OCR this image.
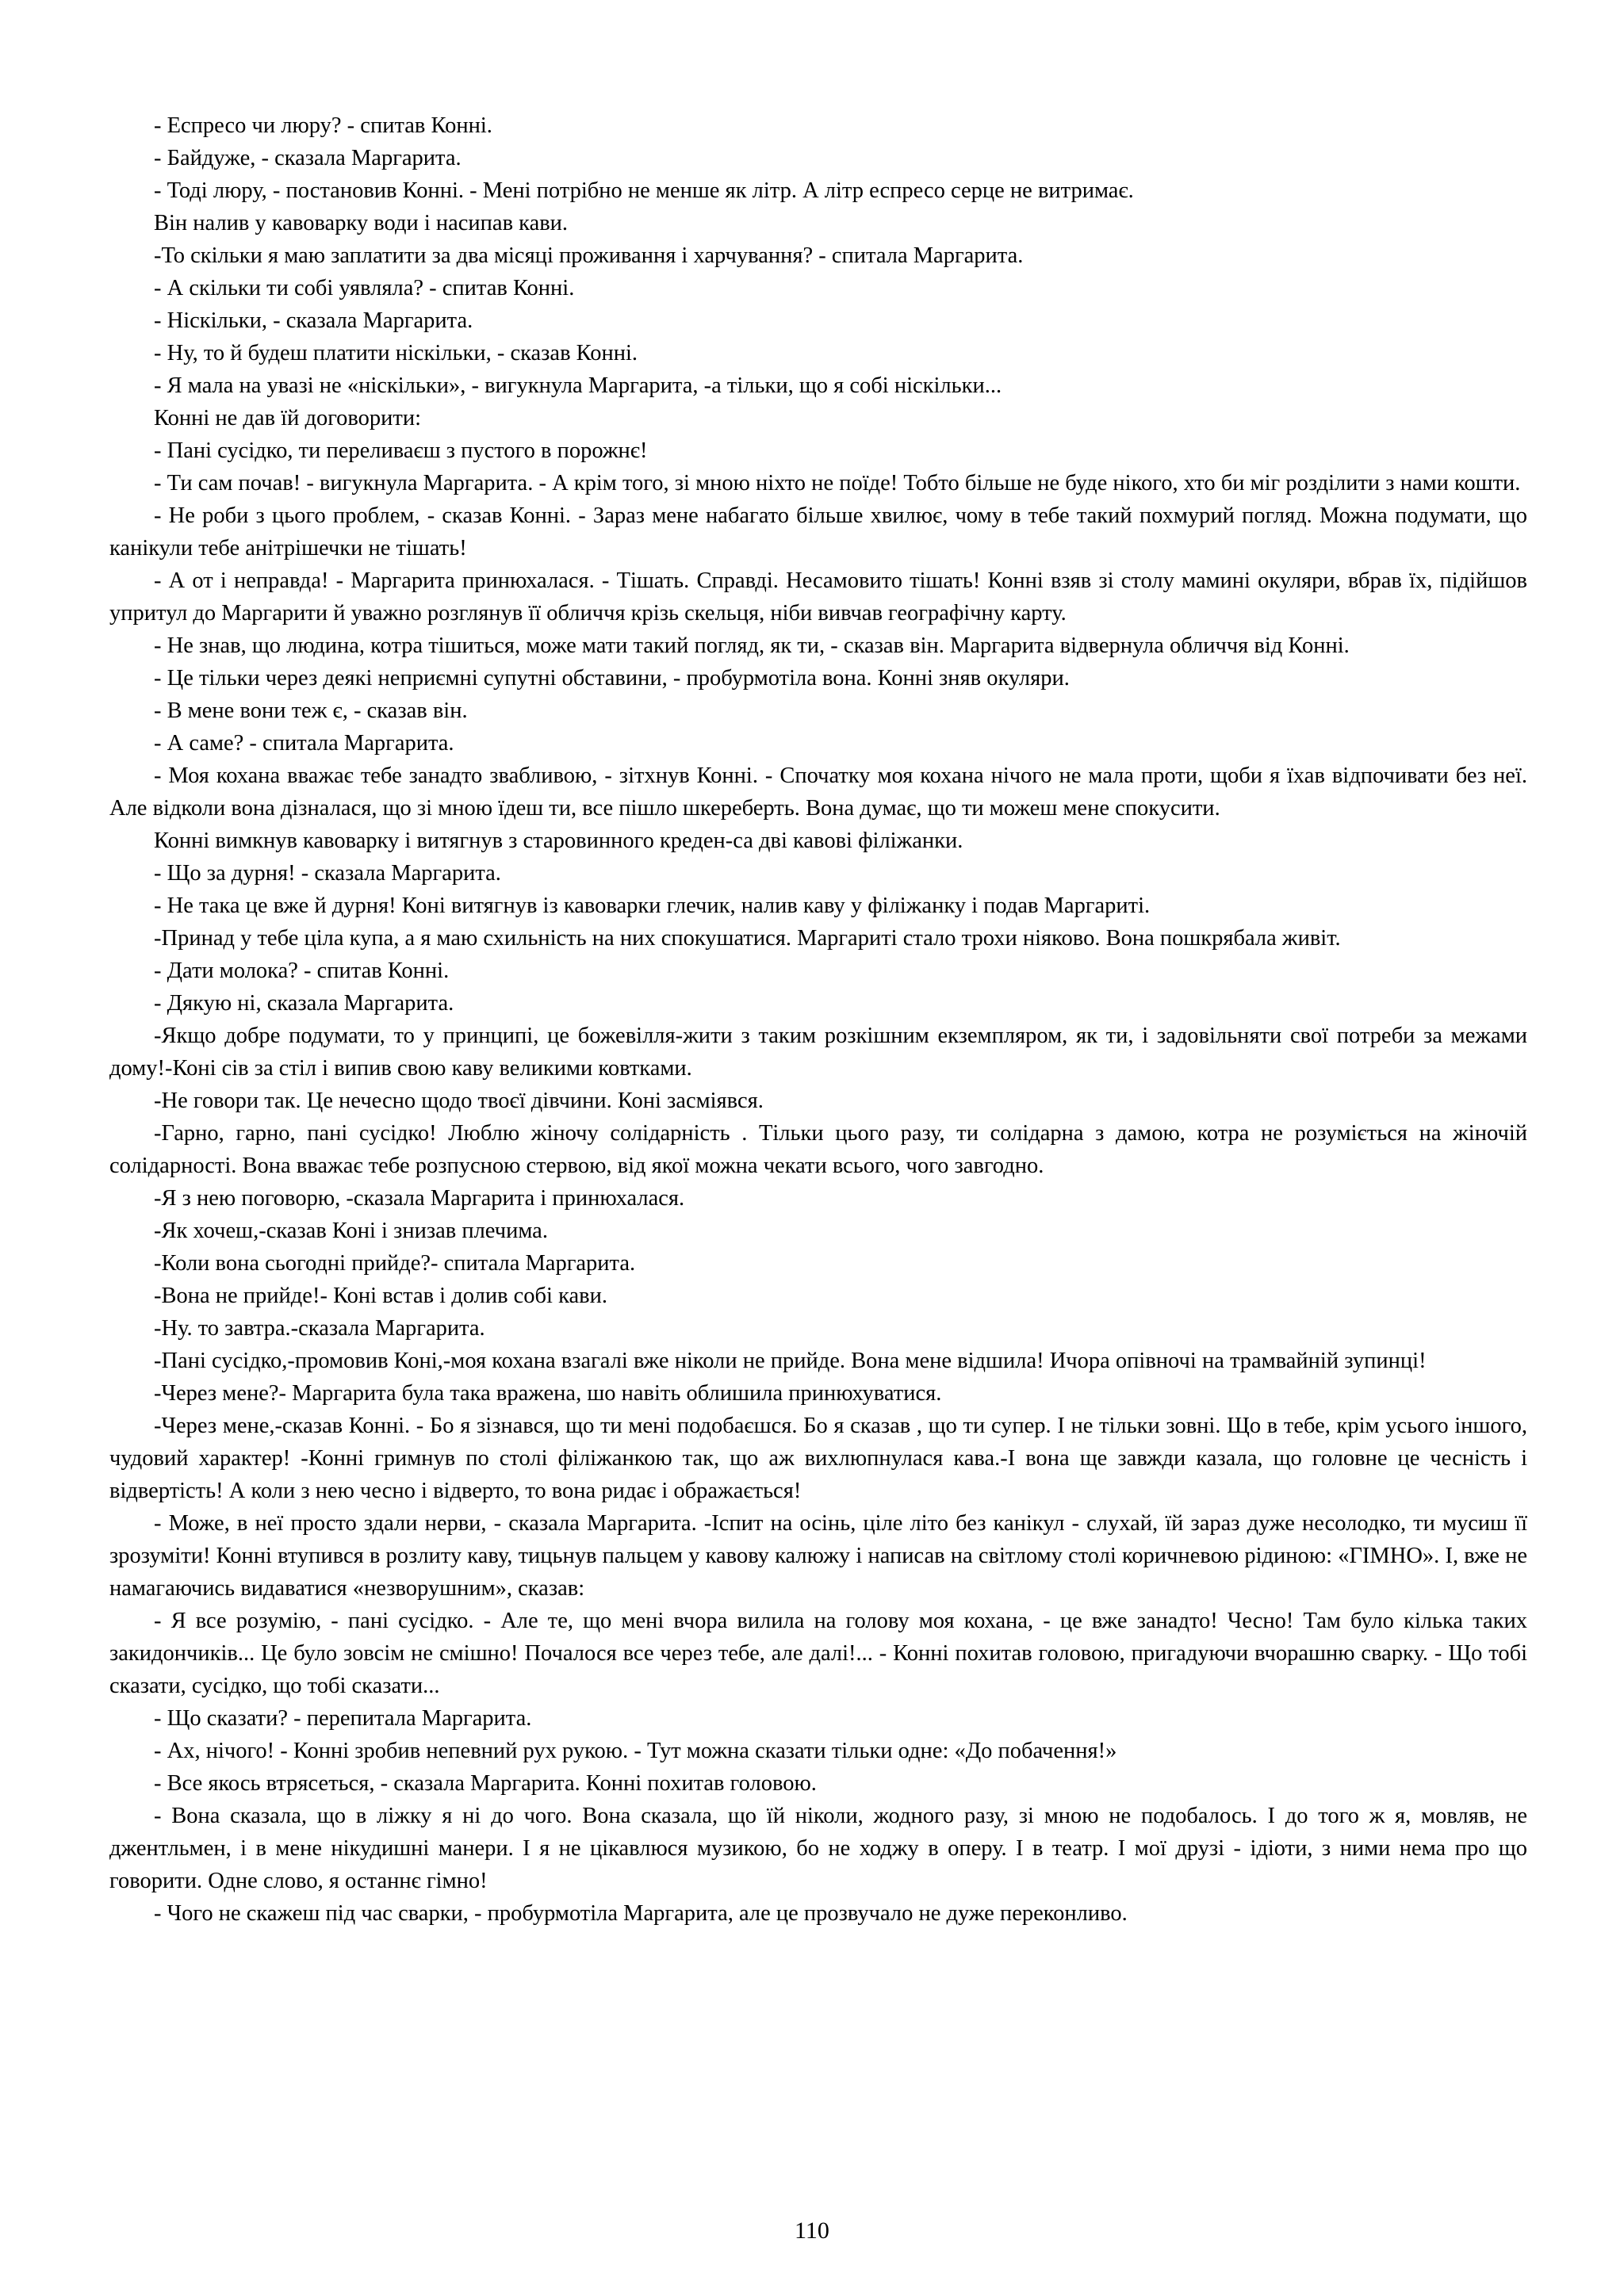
- Еспресо чи люру? - спитав Конні.

- Байдуже, - сказала Маргарита.

- Тоді люру, - постановив Конні. - Мені потрібно не менше як літр. А літр еспресо серце не витримає.

Він налив у кавоварку води і насипав кави.

-То скільки я маю заплатити за два місяці проживання і харчування? - спитала Маргарита.

- А скільки ти собі уявляла? - спитав Конні.

- Ніскільки, - сказала Маргарита.

- Ну, то й будеш платити ніскільки, - сказав Конні.

- Я мала на увазі не «ніскільки», - вигукнула Маргарита, -а тільки, що я собі ніскільки...

Конні не дав їй договорити:

- Пані сусідко, ти переливаєш з пустого в порожнє!

- Ти сам почав! - вигукнула Маргарита. - А крім того, зі мною ніхто не поїде! Тобто більше не буде нікого, хто би міг розділити з нами кошти.

- Не роби з цього проблем, - сказав Конні. - Зараз мене набагато більше хвилює, чому в тебе такий похмурий погляд. Можна подумати, що канікули тебе анітрішечки не тішать!

- А от і неправда! - Маргарита принюхалася. - Тішать. Справді. Несамовито тішать! Конні взяв зі столу мамині окуляри, вбрав їх, підійшов упритул до Маргарити й уважно розглянув її обличчя крізь скельця, ніби вивчав географічну карту.

- Не знав, що людина, котра тішиться, може мати такий погляд, як ти, - сказав він. Маргарита відвернула обличчя від Конні.

- Це тільки через деякі неприємні супутні обставини, - пробурмотіла вона. Конні зняв окуляри.

- В мене вони теж є, - сказав він.

- А саме? - спитала Маргарита.

- Моя кохана вважає тебе занадто звабливою, - зітхнув Конні. - Спочатку моя кохана нічого не мала проти, щоби я їхав відпочивати без неї. Але відколи вона дізналася, що зі мною їдеш ти, все пішло шкереберть. Вона думає, що ти можеш мене спокусити.

Конні вимкнув кавоварку і витягнув з старовинного креден-са дві кавові філіжанки.

- Що за дурня! - сказала Маргарита.

- Не така це вже й дурня! Коні витягнув із кавоварки глечик, налив каву у філіжанку і подав Маргариті.

-Принад у тебе ціла купа, а я маю схильність на них спокушатися. Маргариті стало трохи ніяково. Вона пошкрябала живіт.

- Дати молока? - спитав Конні.

- Дякую ні, сказала Маргарита.

-Якщо добре подумати, то у принципі, це божевілля-жити з таким розкішним екземпляром, як ти, і задовільняти свої потреби за межами дому!-Коні сів за стіл і випив свою каву великими ковтками.

-Не говори так. Це нечесно щодо твоєї дівчини. Коні засміявся.

-Гарно, гарно, пані сусідко! Люблю жіночу солідарність . Тільки цього разу, ти солідарна з дамою, котра не розуміється на жіночій солідарності. Вона вважає тебе розпусною стервою, від якої можна чекати всього, чого завгодно.

-Я з нею поговорю, -сказала Маргарита і принюхалася.

-Як хочеш,-сказав Коні і знизав плечима.

-Коли вона сьогодні прийде?- спитала Маргарита.

-Вона не прийде!- Коні встав і долив собі кави.

-Ну. то завтра.-сказала Маргарита.

-Пані сусідко,-промовив Коні,-моя кохана взагалі вже ніколи не прийде. Вона мене відшила! Ичора опівночі на трамвайній зупинці!

-Через мене?- Маргарита була така вражена, шо навіть облишила принюхуватися.

-Через мене,-сказав Конні. - Бо я зізнався, що ти мені подобаєшся. Бо я сказав , що ти супер. І не тільки зовні. Що в тебе, крім усього іншого, чудовий характер! -Конні гримнув по столі філіжанкою так, що аж вихлюпнулася кава.-І вона ще завжди казала, що головне це чесність і відвертість! А коли з нею чесно і відверто, то вона ридає і ображається!

- Може, в неї просто здали нерви, - сказала Маргарита. -Іспит на осінь, ціле літо без канікул - слухай, їй зараз дуже несолодко, ти мусиш її зрозуміти! Конні втупився в розлиту каву, тицьнув пальцем у кавову калюжу і написав на світлому столі коричневою рідиною: «ГІМНО». І, вже не намагаючись видаватися «незворушним», сказав:

- Я все розумію, - пані сусідко. - Але те, що мені вчора вилила на голову моя кохана, - це вже занадто! Чесно! Там було кілька таких закидончиків... Це було зовсім не смішно! Почалося все через тебе, але далі!... - Конні похитав головою, пригадуючи вчорашню сварку. - Що тобі сказати, сусідко, що тобі сказати...

- Що сказати? - перепитала Маргарита.

- Ах, нічого! - Конні зробив непевний рух рукою. - Тут можна сказати тільки одне: «До побачення!»

- Все якось втрясеться, - сказала Маргарита. Конні похитав головою.

- Вона сказала, що в ліжку я ні до чого. Вона сказала, що їй ніколи, жодного разу, зі мною не подобалось. І до того ж я, мовляв, не джентльмен, і в мене нікудишні манери. І я не цікавлюся музикою, бо не ходжу в оперу. І в театр. І мої друзі - ідіоти, з ними нема про що говорити. Одне слово, я останнє гімно!

- Чого не скажеш під час сварки, - пробурмотіла Маргарита, але це прозвучало не дуже переконливо.

110
